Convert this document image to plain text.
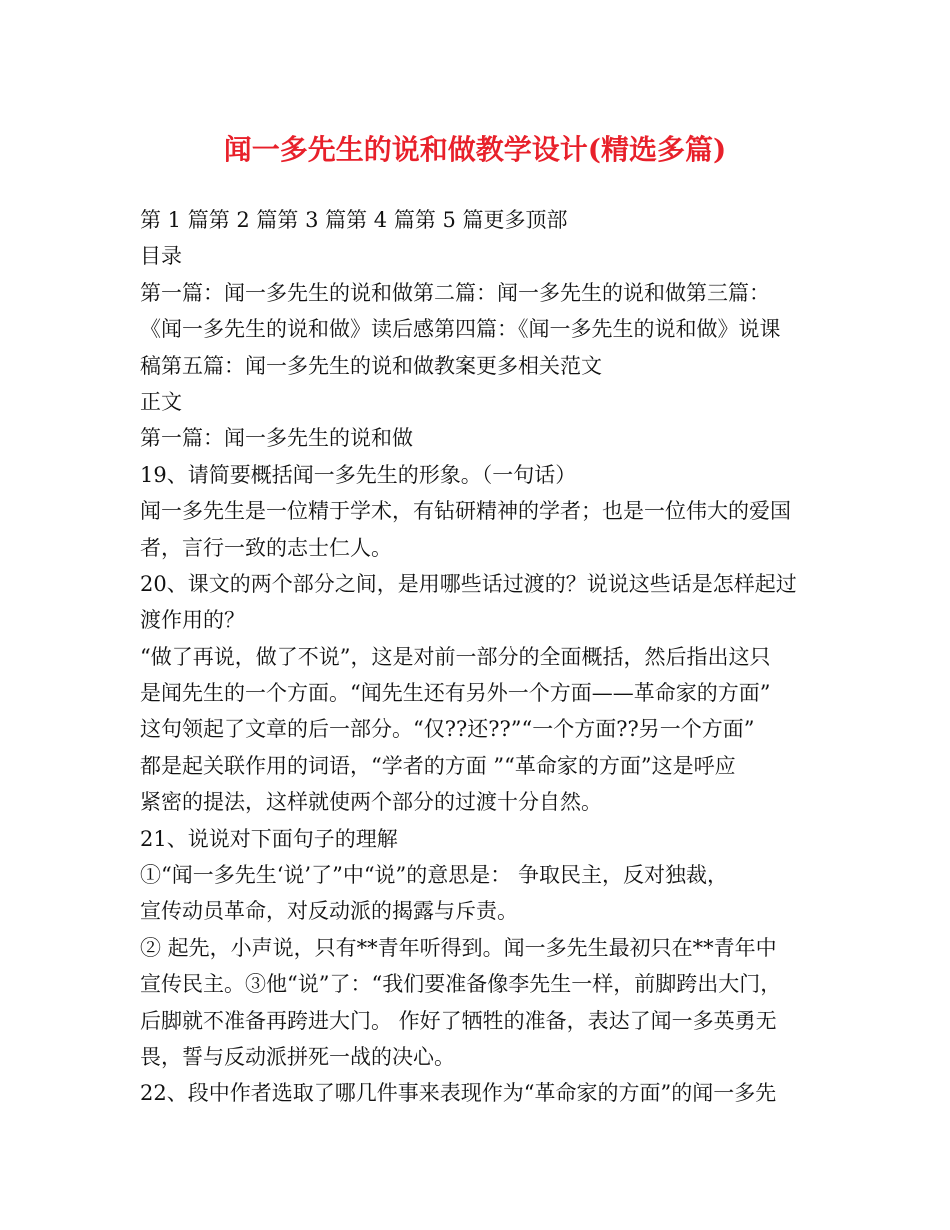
闻一多先生的说和做教学设计(精选多篇)
第 1 篇第 2 篇第 3 篇第 4 篇第 5 篇更多顶部
目录
第一篇：闻一多先生的说和做第二篇：闻一多先生的说和做第三篇：
《闻一多先生的说和做》读后感第四篇：《闻一多先生的说和做》说课
稿第五篇：闻一多先生的说和做教案更多相关范文
正文
第一篇：闻一多先生的说和做
19、请简要概括闻一多先生的形象。（一句话）
闻一多先生是一位精于学术，有钻研精神的学者；也是一位伟大的爱国
者，言行一致的志士仁人。
20、课文的两个部分之间，是用哪些话过渡的？说说这些话是怎样起过
渡作用的？
“做了再说，做了不说”，这是对前一部分的全面概括，然后指出这只
是闻先生的一个方面。“闻先生还有另外一个方面——革命家的方面”
这句领起了文章的后一部分。“仅??还??”“一个方面??另一个方面”
都是起关联作用的词语，“学者的方面 ”“革命家的方面”这是呼应
紧密的提法，这样就使两个部分的过渡十分自然。
21、说说对下面句子的理解
①“闻一多先生‘说’了”中“说”的意思是： 争取民主，反对独裁，
宣传动员革命，对反动派的揭露与斥责。
② 起先，小声说，只有**青年听得到。闻一多先生最初只在**青年中
宣传民主。③他“说”了：“我们要准备像李先生一样，前脚跨出大门，
后脚就不准备再跨进大门。 作好了牺牲的准备，表达了闻一多英勇无
畏，誓与反动派拼死一战的决心。
22、段中作者选取了哪几件事来表现作为“革命家的方面”的闻一多先
